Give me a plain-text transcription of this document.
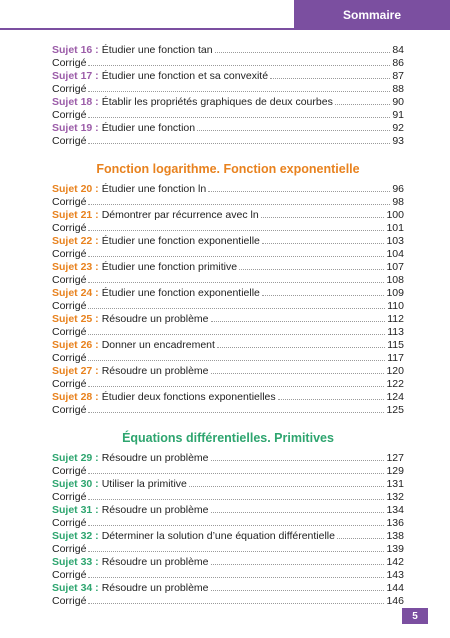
Sommaire
Sujet 16 : Étudier une fonction tan	84
Corrigé	86
Sujet 17 : Étudier une fonction et sa convexité	87
Corrigé	88
Sujet 18 : Établir les propriétés graphiques de deux courbes	90
Corrigé	91
Sujet 19 : Étudier une fonction	92
Corrigé	93
Fonction logarithme. Fonction exponentielle
Sujet 20 : Étudier une fonction ln	96
Corrigé	98
Sujet 21 : Démontrer par récurrence avec ln	100
Corrigé	101
Sujet 22 : Étudier une fonction exponentielle	103
Corrigé	104
Sujet 23 : Étudier une fonction primitive	107
Corrigé	108
Sujet 24 : Étudier une fonction exponentielle	109
Corrigé	110
Sujet 25 : Résoudre un problème	112
Corrigé	113
Sujet 26 : Donner un encadrement	115
Corrigé	117
Sujet 27 : Résoudre un problème	120
Corrigé	122
Sujet 28 : Étudier deux fonctions exponentielles	124
Corrigé	125
Équations différentielles. Primitives
Sujet 29 : Résoudre un problème	127
Corrigé	129
Sujet 30 : Utiliser la primitive	131
Corrigé	132
Sujet 31 : Résoudre un problème	134
Corrigé	136
Sujet 32 : Déterminer la solution d’une équation différentielle	138
Corrigé	139
Sujet 33 : Résoudre un problème	142
Corrigé	143
Sujet 34 : Résoudre un problème	144
Corrigé	146
5
